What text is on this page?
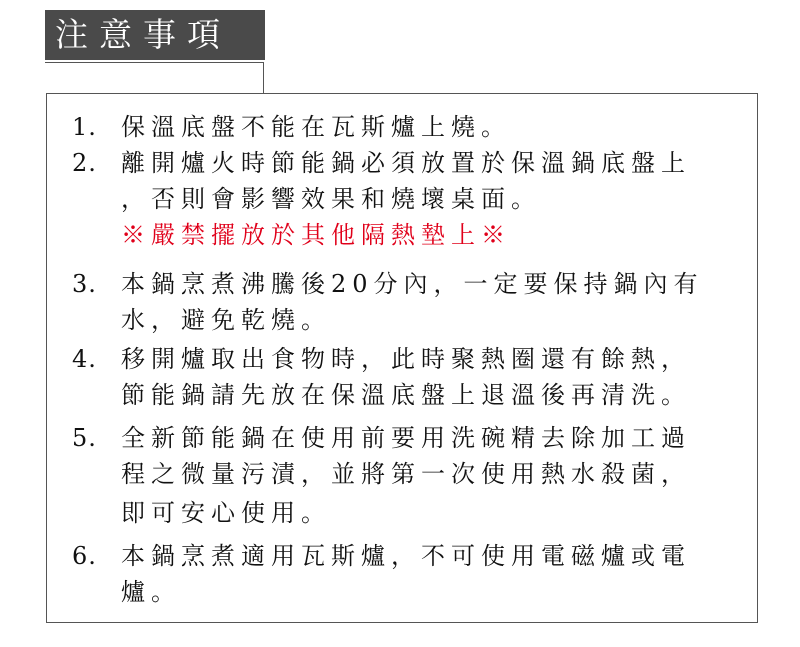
注意事項
1. 保溫底盤不能在瓦斯爐上燒。
2. 離開爐火時節能鍋必須放置於保溫鍋底盤上
，否則會影響效果和燒壞桌面。
※嚴禁擺放於其他隔熱墊上※
3. 本鍋烹煮沸騰後20分內，一定要保持鍋內有
水，避免乾燒。
4. 移開爐取出食物時，此時聚熱圈還有餘熱，
節能鍋請先放在保溫底盤上退溫後再清洗。
5. 全新節能鍋在使用前要用洗碗精去除加工過
程之微量污漬，並將第一次使用熱水殺菌，
即可安心使用。
6. 本鍋烹煮適用瓦斯爐，不可使用電磁爐或電
爐。
